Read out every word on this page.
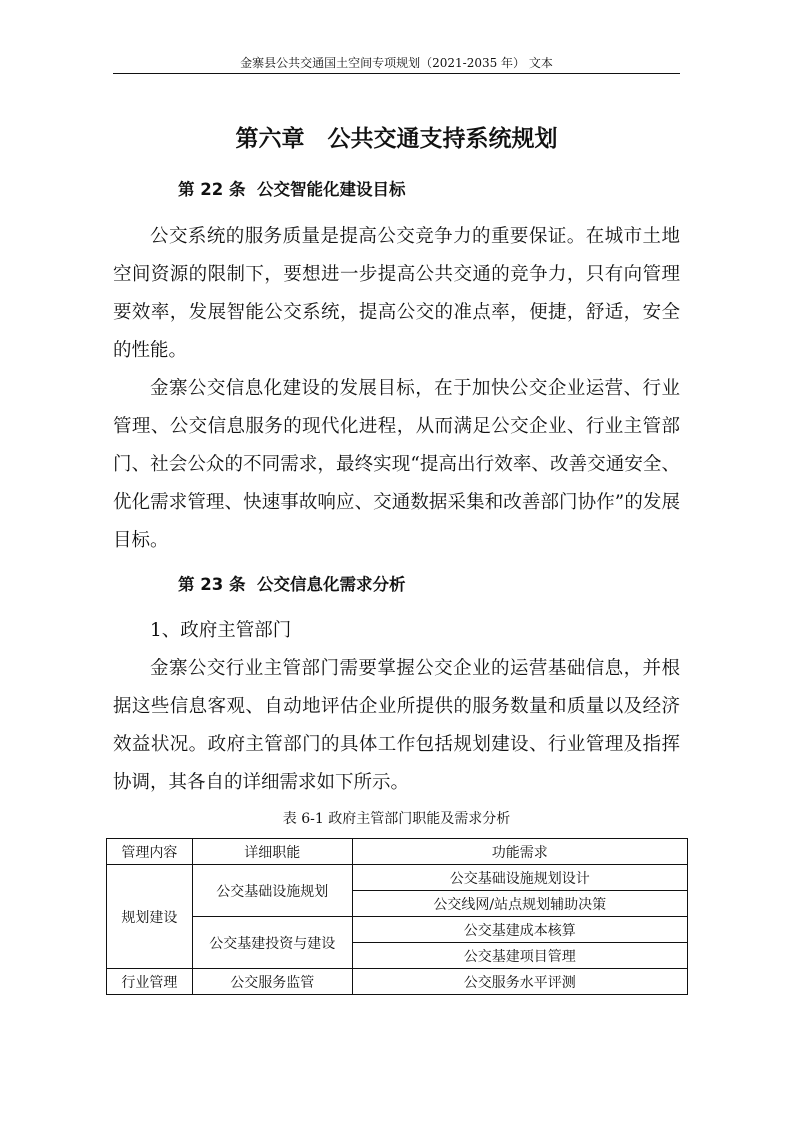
金寨县公共交通国土空间专项规划（2021-2035 年） 文本
第六章　公共交通支持系统规划
第 22 条  公交智能化建设目标

公交系统的服务质量是提高公交竞争力的重要保证。在城市土地空间资源的限制下，要想进一步提高公共交通的竞争力，只有向管理要效率，发展智能公交系统，提高公交的准点率，便捷，舒适，安全的性能。

金寨公交信息化建设的发展目标，在于加快公交企业运营、行业管理、公交信息服务的现代化进程，从而满足公交企业、行业主管部门、社会公众的不同需求，最终实现“提高出行效率、改善交通安全、优化需求管理、快速事故响应、交通数据采集和改善部门协作”的发展目标。

第 23 条  公交信息化需求分析

1、政府主管部门

金寨公交行业主管部门需要掌握公交企业的运营基础信息，并根据这些信息客观、自动地评估企业所提供的服务数量和质量以及经济效益状况。政府主管部门的具体工作包括规划建设、行业管理及指挥协调，其各自的详细需求如下所示。

表 6-1 政府主管部门职能及需求分析
管理内容	详细职能	功能需求
规划建设	公交基础设施规划	公交基础设施规划设计
		公交线网/站点规划辅助决策
	公交基建投资与建设	公交基建成本核算
		公交基建项目管理
行业管理	公交服务监管	公交服务水平评测
